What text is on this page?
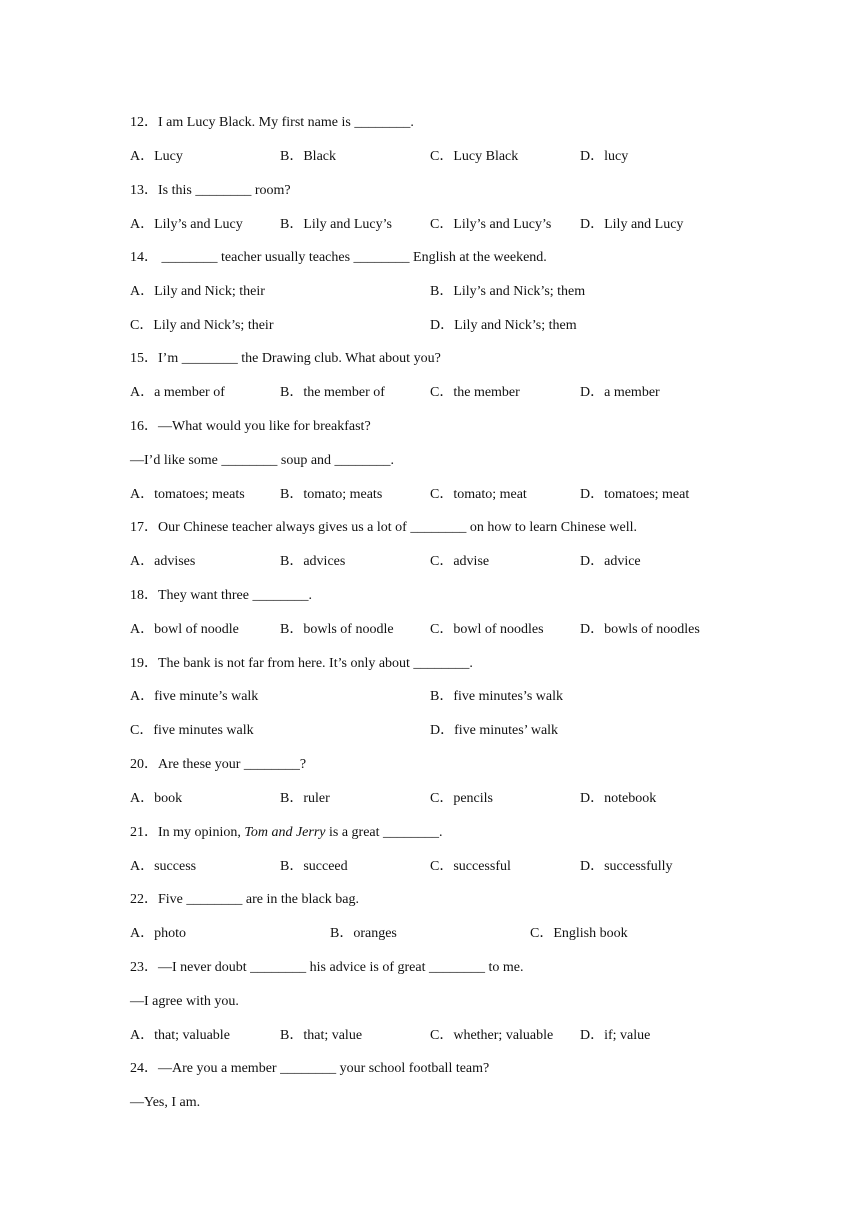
12．I am Lucy Black. My first name is ________.
A．Lucy	B．Black	C．Lucy Black	D．lucy
13．Is this ________ room?
A．Lily’s and Lucy	B．Lily and Lucy’s	C．Lily’s and Lucy’s D．Lily and Lucy
14． ________ teacher usually teaches ________ English at the weekend.
A．Lily and Nick; their	B．Lily’s and Nick’s; them
C．Lily and Nick’s; their	D．Lily and Nick’s; them
15．I’m ________ the Drawing club. What about you?
A．a member of	B．the member of	C．the member	D．a member
16．—What would you like for breakfast?
—I’d like some ________ soup and ________.
A．tomatoes; meats	B．tomato; meats	C．tomato; meat	D．tomatoes; meat
17．Our Chinese teacher always gives us a lot of ________ on how to learn Chinese well.
A．advises	B．advices	C．advise	D．advice
18．They want three ________.
A．bowl of noodle	B．bowls of noodle	C．bowl of noodles	D．bowls of noodles
19．The bank is not far from here. It’s only about ________.
A．five minute’s walk	B．five minutes’s walk
C．five minutes walk	D．five minutes’ walk
20．Are these your ________?
A．book	B．ruler	C．pencils	D．notebook
21．In my opinion, Tom and Jerry is a great ________.
A．success	B．succeed	C．successful	D．successfully
22．Five ________ are in the black bag.
A．photo	B．oranges	C．English book
23．—I never doubt ________ his advice is of great ________ to me.
—I agree with you.
A．that; valuable	B．that; value	C．whether; valuable D．if; value
24．—Are you a member ________ your school football team?
—Yes, I am.
